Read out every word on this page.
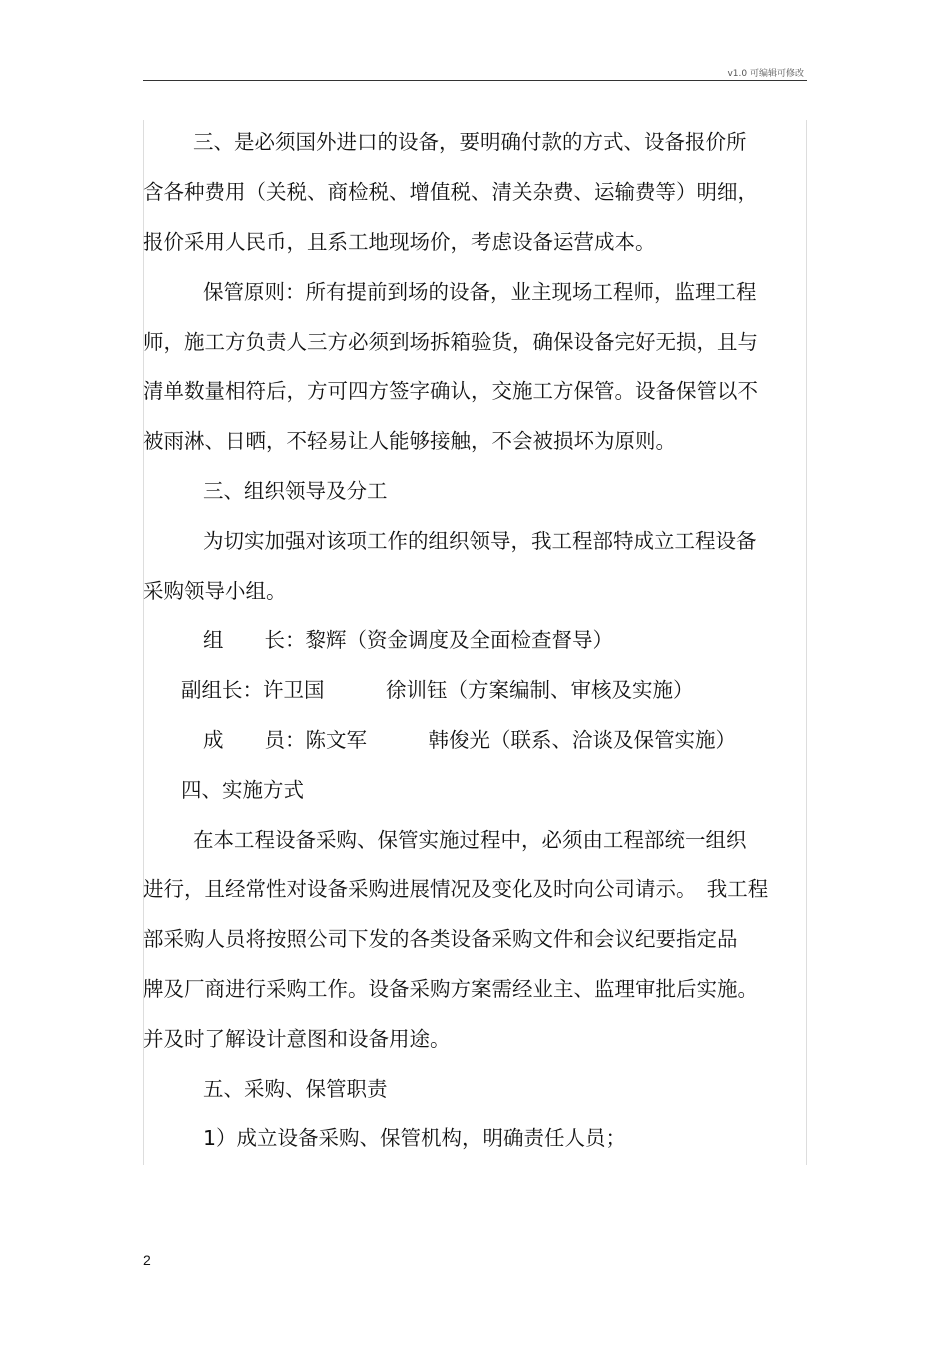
v1.0 可编辑可修改
三、是必须国外进口的设备，要明确付款的方式、设备报价所
含各种费用（关税、商检税、增值税、清关杂费、运输费等）明细，
报价采用人民币，且系工地现场价，考虑设备运营成本。
保管原则：所有提前到场的设备，业主现场工程师，监理工程
师，施工方负责人三方必须到场拆箱验货，确保设备完好无损，且与
清单数量相符后，方可四方签字确认，交施工方保管。设备保管以不
被雨淋、日晒，不轻易让人能够接触，不会被损坏为原则。
三、组织领导及分工
为切实加强对该项工作的组织领导，我工程部特成立工程设备
采购领导小组。
组　　长：黎辉（资金调度及全面检查督导）
副组长：许卫国　　　徐训钰（方案编制、审核及实施）
成　　员：陈文军　　　韩俊光（联系、洽谈及保管实施）
四、实施方式
在本工程设备采购、保管实施过程中，必须由工程部统一组织
进行，且经常性对设备采购进展情况及变化及时向公司请示。　我工程
部采购人员将按照公司下发的各类设备采购文件和会议纪要指定品
牌及厂商进行采购工作。设备采购方案需经业主、监理审批后实施。
并及时了解设计意图和设备用途。
五、采购、保管职责
1）成立设备采购、保管机构，明确责任人员；
2
